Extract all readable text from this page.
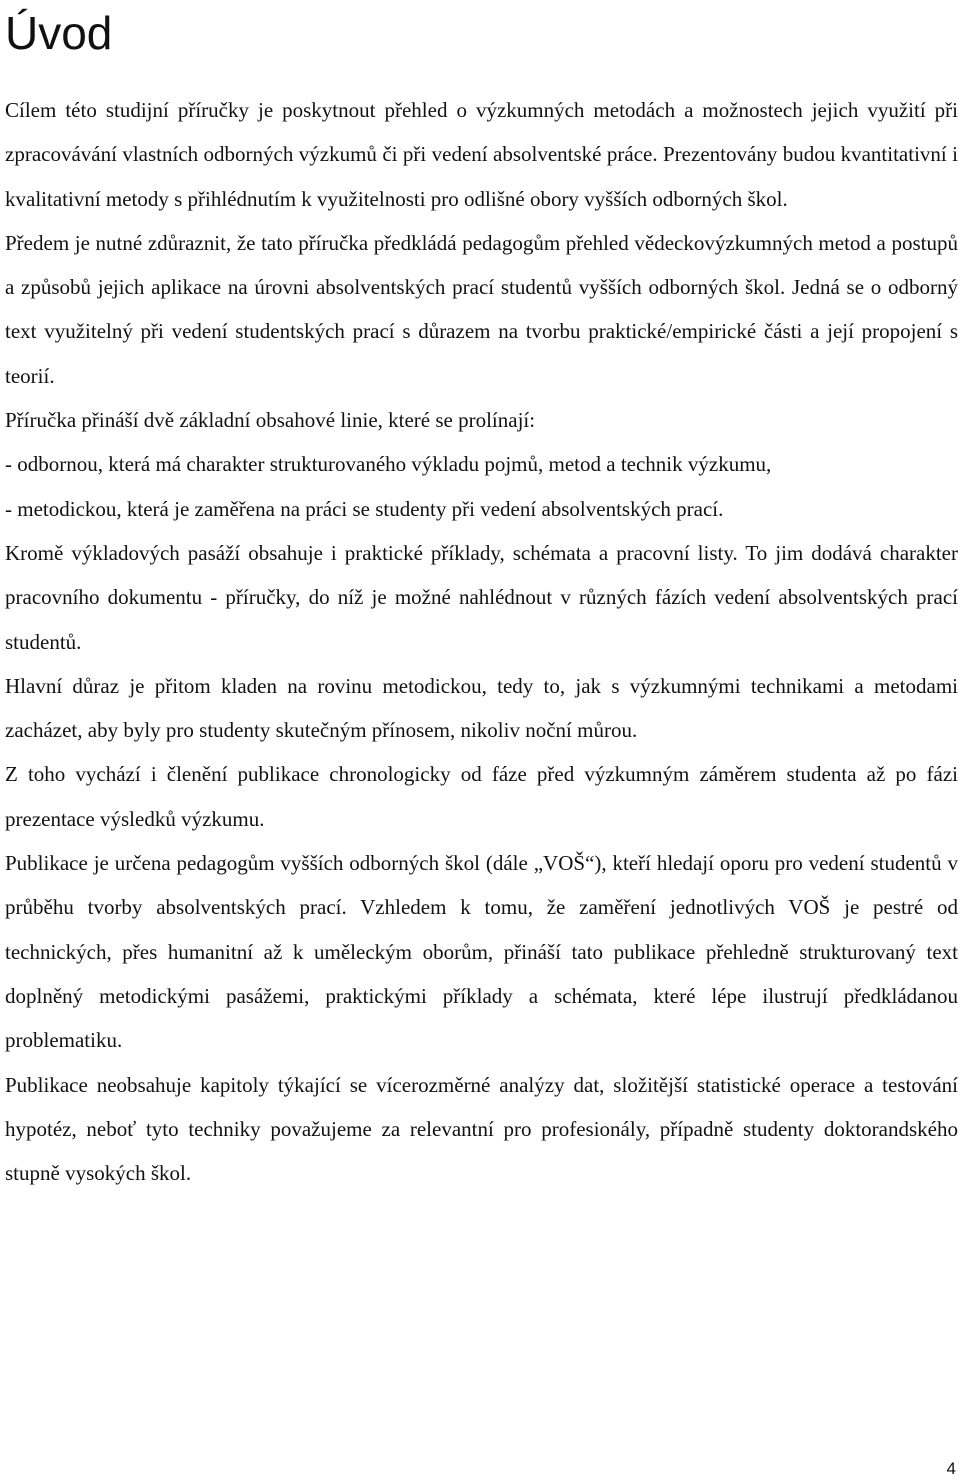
Úvod

Cílem této studijní příručky je poskytnout přehled o výzkumných metodách a možnostech jejich využití při zpracovávání vlastních odborných výzkumů či při vedení absolventské práce. Prezentovány budou kvantitativní i kvalitativní metody s přihlédnutím k využitelnosti pro odlišné obory vyšších odborných škol.

Předem je nutné zdůraznit, že tato příručka předkládá pedagogům přehled vědeckovýzkumných metod a postupů a způsobů jejich aplikace na úrovni absolventských prací studentů vyšších odborných škol. Jedná se o odborný text využitelný při vedení studentských prací s důrazem na tvorbu praktické/empirické části a její propojení s teorií.

Příručka přináší dvě základní obsahové linie, které se prolínají:

- odbornou, která má charakter strukturovaného výkladu pojmů, metod a technik výzkumu,

- metodickou, která je zaměřena na práci se studenty při vedení absolventských prací.

Kromě výkladových pasáží obsahuje i praktické příklady, schémata a pracovní listy. To jim dodává charakter pracovního dokumentu - příručky, do níž je možné nahlédnout v různých fázích vedení absolventských prací studentů.

Hlavní důraz je přitom kladen na rovinu metodickou, tedy to, jak s výzkumnými technikami a metodami zacházet, aby byly pro studenty skutečným přínosem, nikoliv noční můrou.

Z toho vychází i členění publikace chronologicky od fáze před výzkumným záměrem studenta až po fázi prezentace výsledků výzkumu.

Publikace je určena pedagogům vyšších odborných škol (dále „VOŠ“), kteří hledají oporu pro vedení studentů v průběhu tvorby absolventských prací. Vzhledem k tomu, že zaměření jednotlivých VOŠ je pestré od technických, přes humanitní až k uměleckým oborům, přináší tato publikace přehledně strukturovaný text doplněný metodickými pasážemi, praktickými příklady a schémata, které lépe ilustrují předkládanou problematiku.

Publikace neobsahuje kapitoly týkající se vícerozměrné analýzy dat, složitější statistické operace a testování hypotéz, neboť tyto techniky považujeme za relevantní pro profesionály, případně studenty doktorandského stupně vysokých škol.

4
